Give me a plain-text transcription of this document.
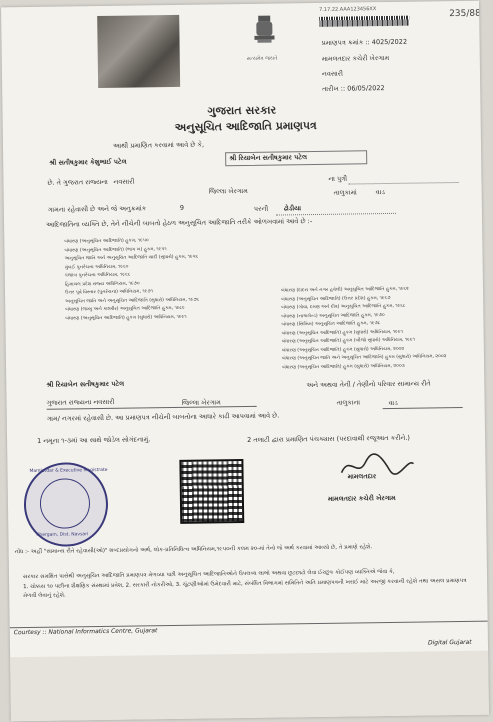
સત્યમેવ જયતે
7.17.22.AAA123456XX	235/88
પ્રમાણપત્ર ક્રમાંક :: 4025/2022
મામલતદાર કચેરી ખેરગામ
નવસારી
તારીખ :: 06/05/2022
ગુજરાત સરકાર
અનુસૂચિત આદિજાતિ પ્રમાણપત્ર
આથી પ્રમાણિત કરવામાં આવે છે કે,
શ્રી સતીષકુમાર કેશુભાઈ પટેલ	શ્રી રિયાબેન સતીષકુમાર પટેલ
છે. તે ગુજરાત રાજ્યના નવસારી
જિલ્લા ખેરગામ
ના પુત્રી
તાલુકામાં	વાડ
ગામના રહેવાસી છે અને જે અનુક્રમાંક	9	પરની ઢોડીયા
આદિજાતિના વ્યક્તિ છે, તેને નીચેની બાબતો હેઠળ અનુસૂચિત આદિજાતિ તરીકે ઓળખવામાં આવે છે :-
બંધારણ (અનુસૂચિત આદિજાતિ) હુકમ, ૧૯૫૦
બંધારણ (અનુસૂચિત આદિજાતિ) (ભાગ ખ) હુકમ, ૧૯૫૧
અનુસૂચિત જાતિ અને અનુસૂચિત આદિજાતિ યાદી (સુધારો) હુકમ, ૧૯૫૬
મુંબઈ પુનર્રચના અધિનિયમ, ૧૯૬૦
પંજાબ પુનર્રચના અધિનિયમ, ૧૯૬૬
હિમાચલ પ્રદેશ રાજ્ય અધિનિયમ, ૧૯૭૦
ઉત્તર પૂર્વ વિસ્તાર (પુનર્રચના) અધિનિયમ, ૧૯૭૧
અનુસૂચિત જાતિ અને અનુસૂચિત આદિજાતિ (સુધારો) અધિનિયમ, ૧૯૭૬
બંધારણ (જમ્મુ અને કાશ્મીર) અનુસૂચિત આદિજાતિ હુકમ, ૧૯૮૯
બંધારણ (અનુસૂચિત આદિજાતિ) હુકમ (સુધારો) અધિનિયમ, ૧૯૯૧
બંધારણ (દાદરા અને નગર હવેલી) અનુસૂચિત આદિજાતિ હુકમ, ૧૯૬૨
બંધારણ (અનુસૂચિત આદિજાતિ) (ઉત્તર પ્રદેશ) હુકમ, ૧૯૬૭
બંધારણ (ગોવા, દમણ અને દીવ) અનુસૂચિત આદિજાતિ હુકમ, ૧૯૬૮
બંધારણ (નાગાલેન્ડ) અનુસૂચિત આદિજાતિ હુકમ, ૧૯૭૦
બંધારણ (સિક્કિમ) અનુસૂચિત આદિજાતિ હુકમ, ૧૯૭૮
બંધારણ (અનુસૂચિત આદિજાતિ) હુકમ (સુધારો) અધિનિયમ, ૧૯૯૧
બંધારણ (અનુસૂચિત આદિજાતિ) હુકમ (બીજો સુધારો) અધિનિયમ, ૧૯૯૧
બંધારણ (અનુસૂચિત આદિજાતિ) હુકમ (સુધારો) અધિનિયમ, ૨૦૦૨
બંધારણ (અનુસૂચિત જાતિ અને અનુસૂચિત આદિજાતિ) હુકમ (સુધારો) અધિનિયમ, ૨૦૦૨
બંધારણ (અનુસૂચિત આદિજાતિ) હુકમ (સુધારો) અધિનિયમ, ૨૦૦૩
શ્રી રિયાબેન સતીષકુમાર પટેલ	અને અથવા તેની / તેણીનો પરિવાર સામાન્ય રીતે
ગુજરાત રાજ્યના નવસારી	જિલ્લા ખેરગામ	તાલુકાના	વાડ
ગામ/ નગરમાં રહેવાસી છે. આ પ્રમાણપત્ર નીચેની બાબતોના આધારે કાઢી આપવામાં આવે છે.
1 નમૂના ૧-૩માં આ સાથે જોડેલ સોગંદનામું.	2 તલાટી દ્વારા પ્રમાણિત પંચક્યાસ (પરદાવાથી રજૂઆત કરીને.)
Mamlatdar & Executive Magistrate
Khergam, Dist. Navsari
મામલતદાર
મામલતદાર કચેરી ખેરગામ
નોંધ :- અહીં "સામાન્ય રીતે રહેવાસી(ઓ)" શબ્દપ્રયોગનો અર્થ, લોક-પ્રતિનિધિત્વ અધિનિયમ,૧૯૫૦ની કલમ ૨૦-માં તેનો જે અર્થ કરવામાં આવ્યો છે, તે પ્રમાણે રહેશે.
સરકાર સમક્ષિત પાસેથી અનુસૂચિત આદિજાતિ પ્રમાણપત્ર મેળવ્યા પછી અનુસૂચિત આદિજાતિઓને ઉપલબ્ધ લાભો અથવા છૂટછાટો લેવા ઈચ્છુક કોઈપણ વ્યક્તિએ જેવા કે,
1. ચોક્કસ ૧૦ પછીના શૈક્ષણિક સંસ્થામાં પ્રવેશ, 2. સરકારી નોકરીઓ, 3. ચૂંટણીઓમાં ઉમેદવારી માટે, સંબંધિત વિભાગમાં સમિતિને અતિ પ્રમાણપત્રની ખરાઈ માટે અરજી કરવાની રહેશે તથા અસલ પ્રમાણપત્ર મેળવી લેવાનું રહેશે.
Courtesy :: National Informatics Centre, Gujarat
Digital Gujarat
